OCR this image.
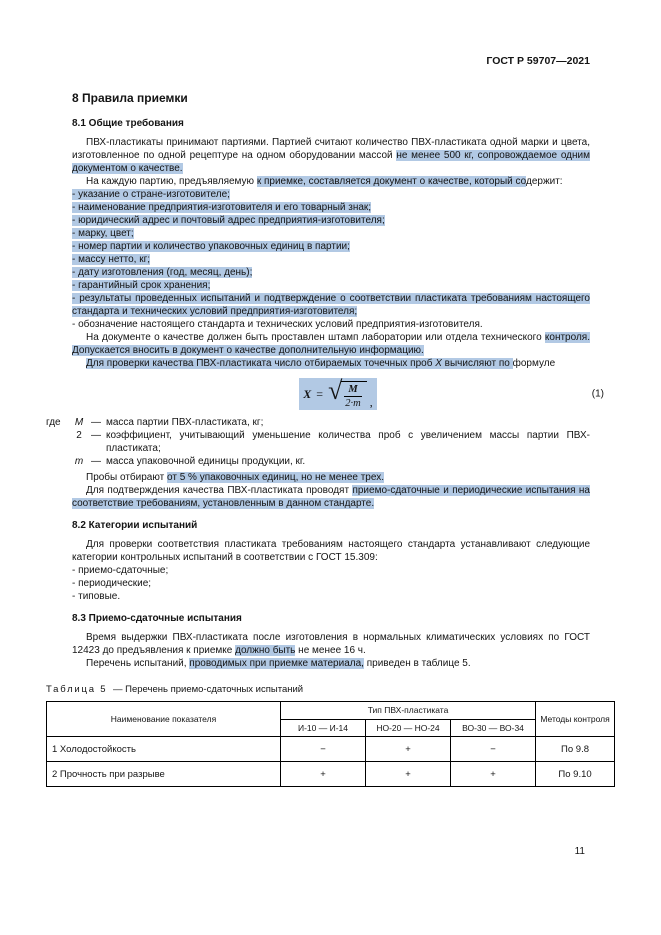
ГОСТ Р 59707—2021
8 Правила приемки
8.1 Общие требования
ПВХ-пластикаты принимают партиями. Партией считают количество ПВХ-пластиката одной марки и цвета, изготовленное по одной рецептуре на одном оборудовании массой не менее 500 кг, сопровождаемое одним документом о качестве.
На каждую партию, предъявляемую к приемке, составляется документ о качестве, который содержит:
- указание о стране-изготовителе;
- наименование предприятия-изготовителя и его товарный знак;
- юридический адрес и почтовый адрес предприятия-изготовителя;
- марку, цвет;
- номер партии и количество упаковочных единиц в партии;
- массу нетто, кг;
- дату изготовления (год, месяц, день);
- гарантийный срок хранения;
- результаты проведенных испытаний и подтверждение о соответствии пластиката требованиям настоящего стандарта и технических условий предприятия-изготовителя;
- обозначение настоящего стандарта и технических условий предприятия-изготовителя.
На документе о качестве должен быть проставлен штамп лаборатории или отдела технического контроля. Допускается вносить в документ о качестве дополнительную информацию.
Для проверки качества ПВХ-пластиката число отбираемых точечных проб X вычисляют по формуле
X = √ $\frac{M}{2\cdot m}$ ,
(1)
где	M — масса партии ПВХ-пластиката, кг;
2 — коэффициент, учитывающий уменьшение количества проб с увеличением массы партии ПВХ-пластиката;
m — масса упаковочной единицы продукции, кг.
Пробы отбирают от 5 % упаковочных единиц, но не менее трех.
Для подтверждения качества ПВХ-пластиката проводят приемо-сдаточные и периодические испытания на соответствие требованиям, установленным в данном стандарте.
8.2 Категории испытаний
Для проверки соответствия пластиката требованиям настоящего стандарта устанавливают следующие категории контрольных испытаний в соответствии с ГОСТ 15.309:
- приемо-сдаточные;
- периодические;
- типовые.
8.3 Приемо-сдаточные испытания
Время выдержки ПВХ-пластиката после изготовления в нормальных климатических условиях по ГОСТ 12423 до предъявления к приемке должно быть не менее 16 ч.
Перечень испытаний, проводимых при приемке материала, приведен в таблице 5.
Таблица 5 — Перечень приемо-сдаточных испытаний
Наименование показателя	Тип ПВХ-пластиката			Методы контроля
	И-10 — И-14	НО-20 — НО-24	ВО-30 — ВО-34	
1 Холодостойкость	−	+	−	По 9.8
2 Прочность при разрыве	+	+	+	По 9.10
11
